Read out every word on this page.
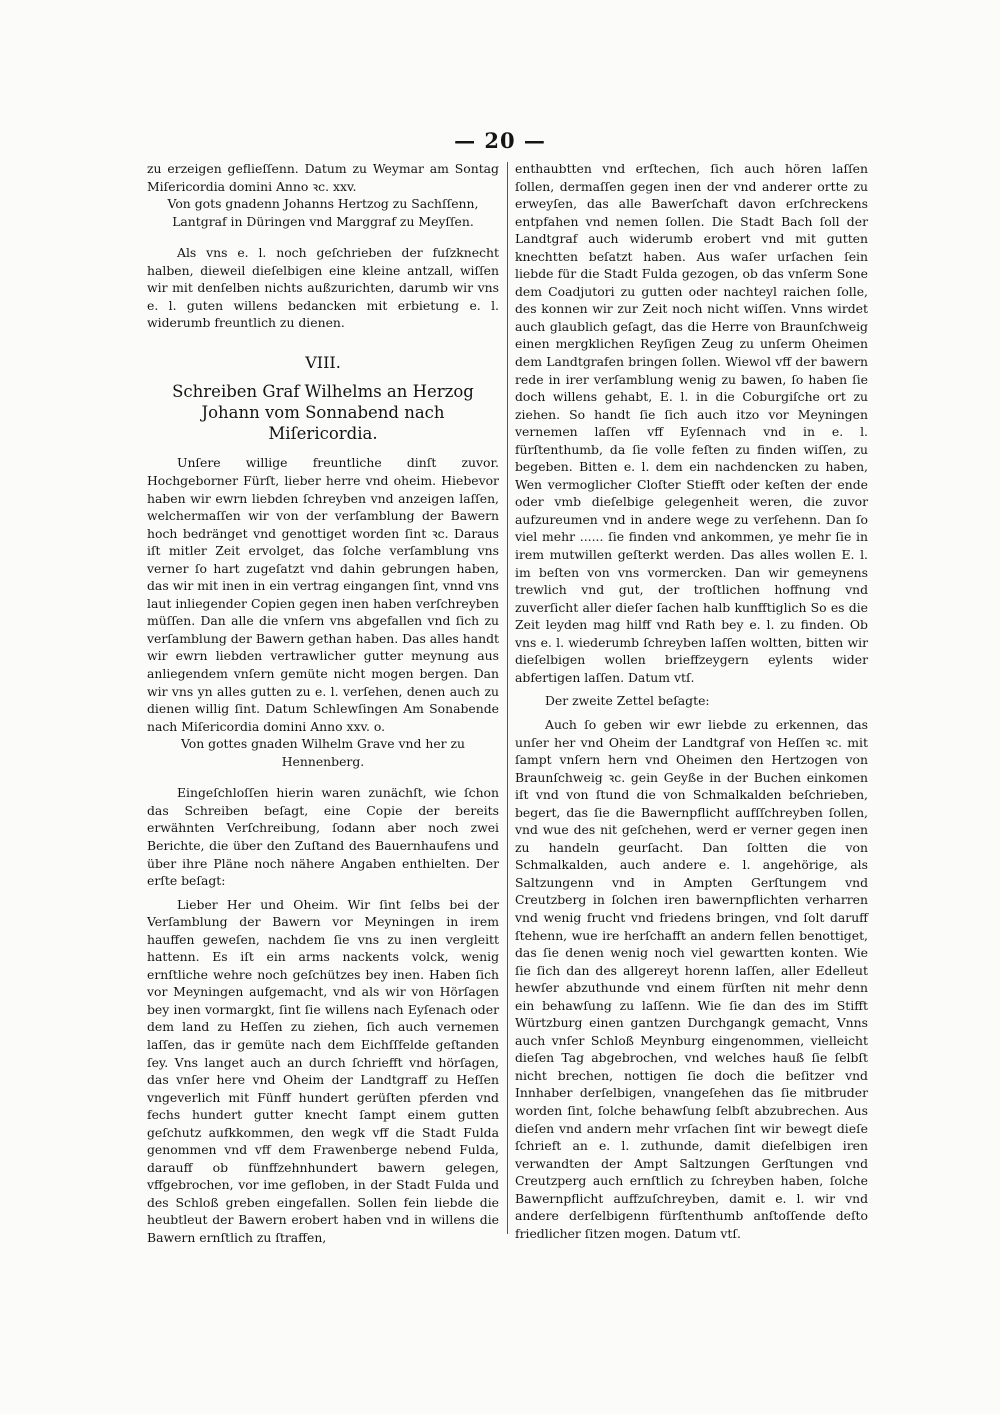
— 20 —

zu erzeigen geflieſſenn. Datum zu Weymar am Sontag Miſericordia domini Anno ꝛc. xxv.

Von gots gnadenn Johanns Hertzog zu Sachſſenn, Lantgraf in Düringen vnd Marggraf zu Meyſſen.

Als vns e. l. noch geſchrieben der fuſzknecht halben, dieweil dieſelbigen eine kleine antzall, wiſſen wir mit denſelben nichts außzurichten, darumb wir vns e. l. guten willens bedancken mit erbietung e. l. widerumb freuntlich zu dienen.

VIII.
Schreiben Graf Wilhelms an Herzog Johann vom Sonnabend nach Miſericordia.

Unſere willige freuntliche dinſt zuvor. Hochgeborner Fürſt, lieber herre vnd oheim. Hiebevor haben wir ewrn liebden ſchreyben vnd anzeigen laſſen, welchermaſſen wir von der verſamblung der Bawern hoch bedränget vnd genottiget worden ſint ꝛc. Daraus iſt mitler Zeit ervolget, das ſolche verſamblung vns verner ſo hart zugeſatzt vnd dahin gebrungen haben, das wir mit inen in ein vertrag eingangen ſint, vnnd vns laut inliegender Copien gegen inen haben verſchreyben müſſen. Dan alle die vnſern vns abgefallen vnd ſich zu verſamblung der Bawern gethan haben. Das alles handt wir ewrn liebden vertrawlicher gutter meynung aus anliegendem vnſern gemüte nicht mogen bergen. Dan wir vns yn alles gutten zu e. l. verſehen, denen auch zu dienen willig ſint. Datum Schlewſingen Am Sonabende nach Miſericordia domini Anno xxv. o.

Von gottes gnaden Wilhelm Grave vnd her zu Hennenberg.

Eingeſchloſſen hierin waren zunächſt, wie ſchon das Schreiben beſagt, eine Copie der bereits erwähnten Verſchreibung, ſodann aber noch zwei Berichte, die über den Zuſtand des Bauernhaufens und über ihre Pläne noch nähere Angaben enthielten. Der erſte beſagt:

Lieber Her und Oheim. Wir ſint ſelbs bei der Verſamblung der Bawern vor Meyningen in irem hauffen geweſen, nachdem ſie vns zu inen vergleitt hattenn. Es iſt ein arms nackents volck, wenig ernſtliche wehre noch geſchützes bey inen. Haben ſich vor Meyningen aufgemacht, vnd als wir von Hörſagen bey inen vormargkt, ſint ſie willens nach Eyſenach oder dem land zu Heſſen zu ziehen, ſich auch vernemen laſſen, das ir gemüte nach dem Eichſſfelde geſtanden ſey. Vns langet auch an durch ſchriefft vnd hörſagen, das vnſer here vnd Oheim der Landtgraff zu Heſſen vngeverlich mit Fünff hundert gerüſten pferden vnd fechs hundert gutter knecht ſampt einem gutten geſchutz aufkkommen, den wegk vff die Stadt Fulda genommen vnd vff dem Frawenberge nebend Fulda, darauff ob fünffzehnhundert bawern gelegen, vffgebrochen, vor ime gefloben, in der Stadt Fulda und des Schloß greben eingefallen. Sollen fein liebde die heubtleut der Bawern erobert haben vnd in willens die Bawern ernſtlich zu ſtraffen,

enthaubtten vnd erſtechen, ſich auch hören laſſen ſollen, dermaſſen gegen inen der vnd anderer ortte zu erweyſen, das alle Bawerſchaft davon erſchreckens entpfahen vnd nemen ſollen. Die Stadt Bach ſoll der Landtgraf auch widerumb erobert vnd mit gutten knechtten beſatzt haben. Aus waſer urſachen ſein liebde für die Stadt Fulda gezogen, ob das vnſerm Sone dem Coadjutori zu gutten oder nachteyl raichen ſolle, des konnen wir zur Zeit noch nicht wiſſen. Vnns wirdet auch glaublich geſagt, das die Herre von Braunſchweig einen mergklichen Reyſigen Zeug zu unſerm Oheimen dem Landtgrafen bringen ſollen. Wiewol vff der bawern rede in irer verſamblung wenig zu bawen, ſo haben ſie doch willens gehabt, E. l. in die Coburgiſche ort zu ziehen. So handt ſie ſich auch itzo vor Meyningen vernemen laſſen vff Eyſennach vnd in e. l. fürſtenthumb, da ſie volle feſten zu finden wiſſen, zu begeben. Bitten e. l. dem ein nachdencken zu haben, Wen vermoglicher Cloſter Stiefft oder keſten der ende oder vmb dieſelbige gelegenheit weren, die zuvor aufzureumen vnd in andere wege zu verſehenn. Dan ſo viel mehr ...... ſie finden vnd ankommen, ye mehr ſie in irem mutwillen geſterkt werden. Das alles wollen E. l. im beſten von vns vormercken. Dan wir gemeynens trewlich vnd gut, der troſtlichen hoffnung vnd zuverſicht aller dieſer ſachen halb kunfftiglich So es die Zeit leyden mag hilff vnd Rath bey e. l. zu finden. Ob vns e. l. wiederumb ſchreyben laſſen woltten, bitten wir dieſelbigen wollen brieffzeygern eylents wider abfertigen laſſen. Datum vtſ.

Der zweite Zettel beſagte:

Auch ſo geben wir ewr liebde zu erkennen, das unſer her vnd Oheim der Landtgraf von Heſſen ꝛc. mit ſampt vnſern hern vnd Oheimen den Hertzogen von Braunſchweig ꝛc. gein Geyße in der Buchen einkomen iſt vnd von ſtund die von Schmalkalden beſchrieben, begert, das ſie die Bawernpflicht aufſſchreyben ſollen, vnd wue des nit geſchehen, werd er verner gegen inen zu handeln geurſacht. Dan ſoltten die von Schmalkalden, auch andere e. l. angehörige, als Saltzungenn vnd in Ampten Gerſtungem vnd Creutzberg in ſolchen iren bawernpflichten verharren vnd wenig frucht vnd friedens bringen, vnd ſolt daruff ſtehenn, wue ire herſchafft an andern fellen benottiget, das ſie denen wenig noch viel gewartten konten. Wie ſie ſich dan des allgereyt horenn laſſen, aller Edelleut hewſer abzuthunde vnd einem fürſten nit mehr denn ein behawſung zu laſſenn. Wie ſie dan des im Stifft Würtzburg einen gantzen Durchgangk gemacht, Vnns auch vnſer Schloß Meynburg eingenommen, vielleicht dieſen Tag abgebrochen, vnd welches hauß ſie ſelbſt nicht brechen, nottigen ſie doch die beſitzer vnd Innhaber derſelbigen, vnangeſehen das ſie mitbruder worden ſint, ſolche behawſung ſelbſt abzubrechen. Aus dieſen vnd andern mehr vrſachen ſint wir bewegt dieſe ſchrieft an e. l. zuthunde, damit dieſelbigen iren verwandten der Ampt Saltzungen Gerſtungen vnd Creutzperg auch ernſtlich zu ſchreyben haben, ſolche Bawernpflicht auffzuſchreyben, damit e. l. wir vnd andere derſelbigenn fürſtenthumb anſtoſſende deſto friedlicher ſitzen mogen. Datum vtſ.
